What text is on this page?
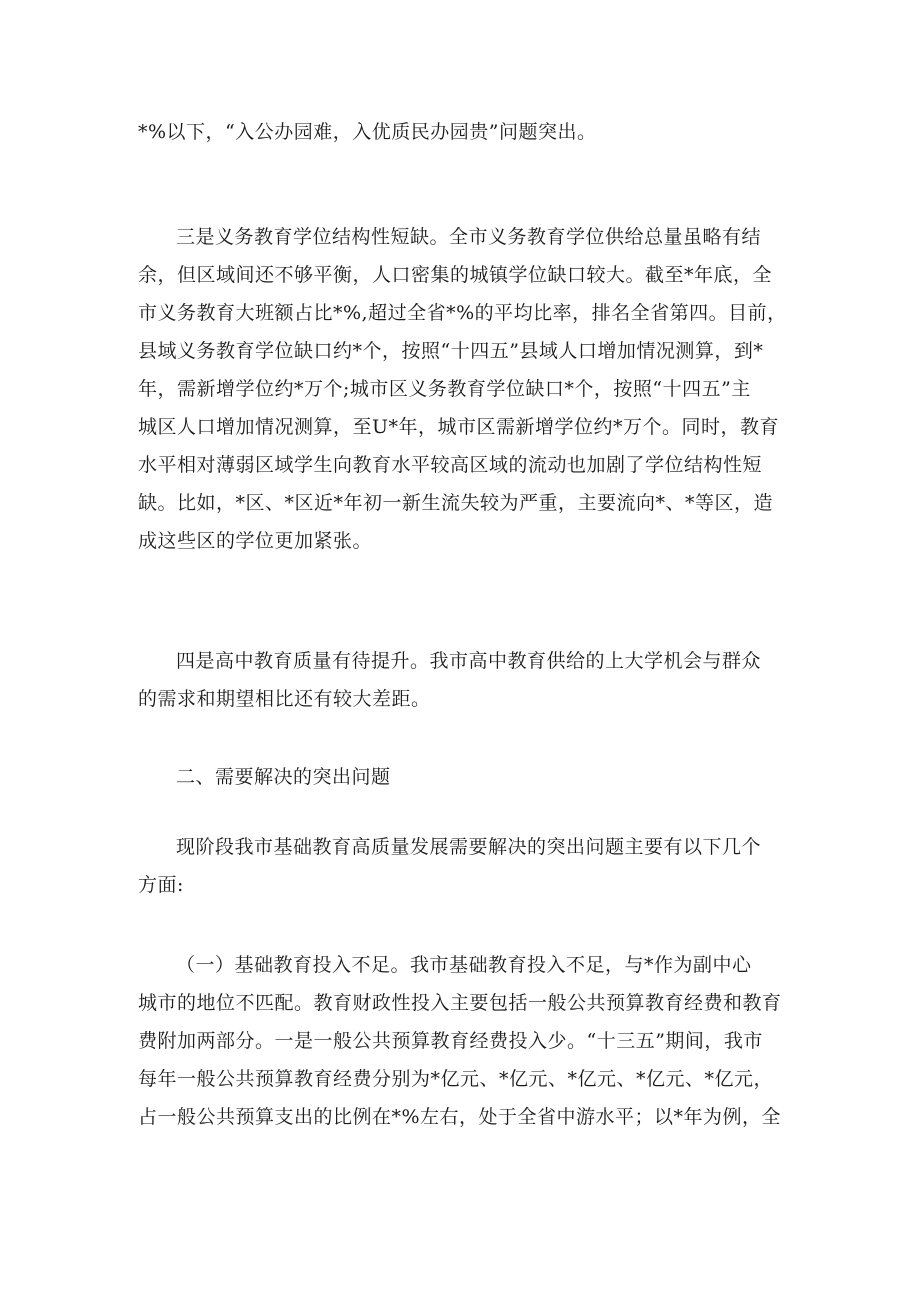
*%以下，“入公办园难，入优质民办园贵”问题突出。

三是义务教育学位结构性短缺。全市义务教育学位供给总量虽略有结
余，但区域间还不够平衡，人口密集的城镇学位缺口较大。截至*年底，全
市义务教育大班额占比*%,超过全省*%的平均比率，排名全省第四。目前，
县域义务教育学位缺口约*个，按照“十四五”县域人口增加情况测算，到*
年，需新增学位约*万个;城市区义务教育学位缺口*个，按照“十四五”主
城区人口增加情况测算，至U*年，城市区需新增学位约*万个。同时，教育
水平相对薄弱区域学生向教育水平较高区域的流动也加剧了学位结构性短
缺。比如，*区、*区近*年初一新生流失较为严重，主要流向*、*等区，造
成这些区的学位更加紧张。
四是高中教育质量有待提升。我市高中教育供给的上大学机会与群众
的需求和期望相比还有较大差距。
二、需要解决的突出问题
现阶段我市基础教育高质量发展需要解决的突出问题主要有以下几个
方面:
（一）基础教育投入不足。我市基础教育投入不足，与*作为副中心
城市的地位不匹配。教育财政性投入主要包括一般公共预算教育经费和教育
费附加两部分。一是一般公共预算教育经费投入少。“十三五”期间，我市
每年一般公共预算教育经费分别为*亿元、*亿元、*亿元、*亿元、*亿元，
占一般公共预算支出的比例在*%左右，处于全省中游水平；以*年为例，全
